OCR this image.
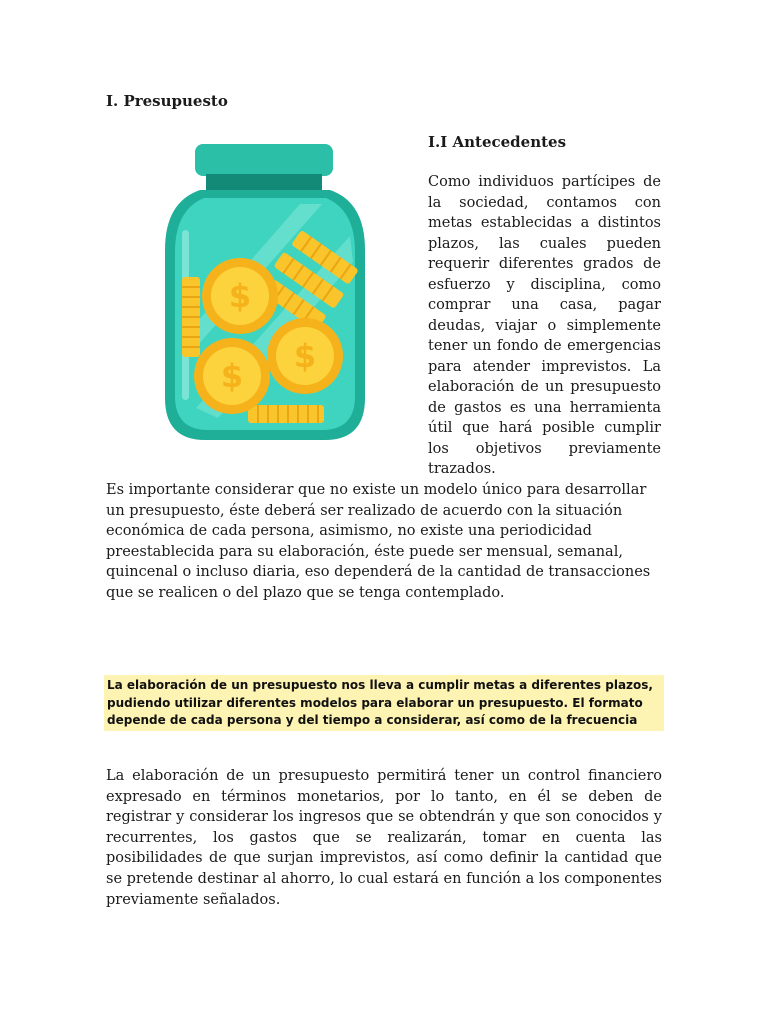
I. Presupuesto
$
$
$
I.I Antecedentes

Como individuos partícipes de la sociedad, contamos con metas establecidas a distintos plazos, las cuales pueden requerir diferentes grados de esfuerzo y disciplina, como comprar una casa, pagar deudas, viajar o simplemente tener un fondo de emergencias para atender imprevistos. La elaboración de un presupuesto de gastos es una herramienta útil que hará posible cumplir los objetivos previamente trazados.

Es importante considerar que no existe un modelo único para desarrollar un presupuesto, éste deberá ser realizado de acuerdo con la situación económica de cada persona, asimismo, no existe una periodicidad preestablecida para su elaboración, éste puede ser mensual, semanal, quincenal o incluso diaria, eso dependerá de la cantidad de transacciones que se realicen o del plazo que se tenga contemplado.

La elaboración de un presupuesto nos lleva a cumplir metas a diferentes plazos, pudiendo utilizar diferentes modelos para elaborar un presupuesto. El formato depende de cada persona y del tiempo a considerar, así como de la frecuencia

La elaboración de un presupuesto permitirá tener un control financiero expresado en términos monetarios, por lo tanto, en él se deben de registrar y considerar los ingresos que se obtendrán y que son conocidos y recurrentes, los gastos que se realizarán, tomar en cuenta las posibilidades de que surjan imprevistos, así como definir la cantidad que se pretende destinar al ahorro, lo cual estará en función a los componentes previamente señalados.
